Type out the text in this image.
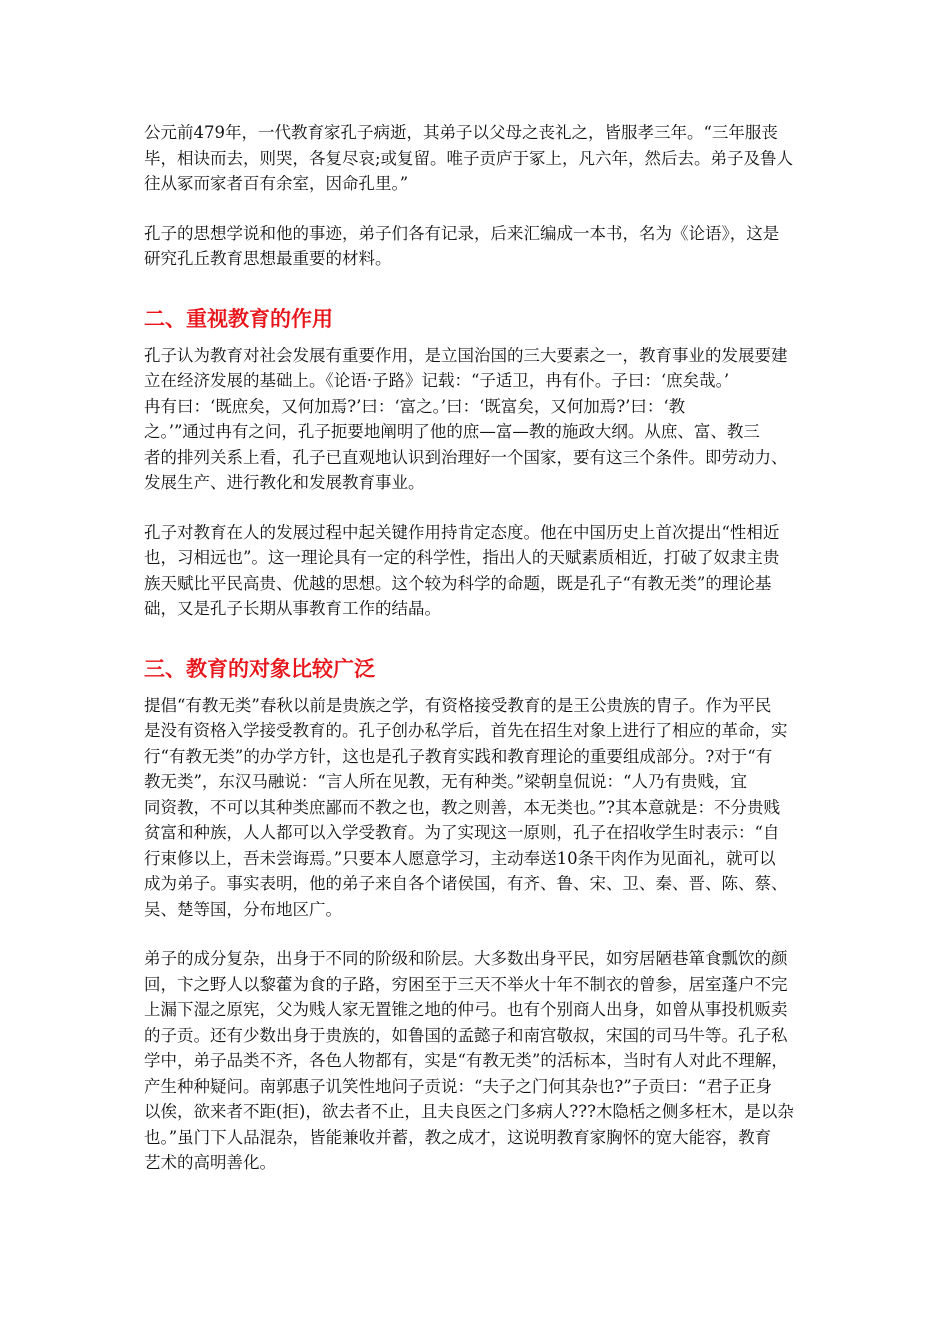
公元前479年，一代教育家孔子病逝，其弟子以父母之丧礼之，皆服孝三年。“三年服丧
毕，相诀而去，则哭，各复尽哀;或复留。唯子贡庐于冢上，凡六年，然后去。弟子及鲁人
往从冢而家者百有余室，因命孔里。”
孔子的思想学说和他的事迹，弟子们各有记录，后来汇编成一本书，名为《论语》，这是
研究孔丘教育思想最重要的材料。
二、重视教育的作用
孔子认为教育对社会发展有重要作用，是立国治国的三大要素之一，教育事业的发展要建
立在经济发展的基础上。《论语·子路》记载：“子适卫，冉有仆。子曰：‘庶矣哉。’
冉有曰：‘既庶矣，又何加焉?’曰：‘富之。’曰：‘既富矣，又何加焉?’曰：‘教
之。’”通过冉有之问，孔子扼要地阐明了他的庶—富—教的施政大纲。从庶、富、教三
者的排列关系上看，孔子已直观地认识到治理好一个国家，要有这三个条件。即劳动力、
发展生产、进行教化和发展教育事业。
孔子对教育在人的发展过程中起关键作用持肯定态度。他在中国历史上首次提出“性相近
也，习相远也”。这一理论具有一定的科学性，指出人的天赋素质相近，打破了奴隶主贵
族天赋比平民高贵、优越的思想。这个较为科学的命题，既是孔子“有教无类”的理论基
础，又是孔子长期从事教育工作的结晶。
三、教育的对象比较广泛
提倡“有教无类”春秋以前是贵族之学，有资格接受教育的是王公贵族的胄子。作为平民
是没有资格入学接受教育的。孔子创办私学后，首先在招生对象上进行了相应的革命，实
行“有教无类”的办学方针，这也是孔子教育实践和教育理论的重要组成部分。?对于“有
教无类”，东汉马融说：“言人所在见教，无有种类。”梁朝皇侃说：“人乃有贵贱，宜
同资教，不可以其种类庶鄙而不教之也，教之则善，本无类也。”?其本意就是：不分贵贱
贫富和种族，人人都可以入学受教育。为了实现这一原则，孔子在招收学生时表示：“自
行束修以上，吾未尝诲焉。”只要本人愿意学习，主动奉送10条干肉作为见面礼，就可以
成为弟子。事实表明，他的弟子来自各个诸侯国，有齐、鲁、宋、卫、秦、晋、陈、蔡、
吴、楚等国，分布地区广。
弟子的成分复杂，出身于不同的阶级和阶层。大多数出身平民，如穷居陋巷箪食瓢饮的颜
回，卞之野人以黎藿为食的子路，穷困至于三天不举火十年不制衣的曾参，居室蓬户不完
上漏下湿之原宪，父为贱人家无置锥之地的仲弓。也有个别商人出身，如曾从事投机贩卖
的子贡。还有少数出身于贵族的，如鲁国的孟懿子和南宫敬叔，宋国的司马牛等。孔子私
学中，弟子品类不齐，各色人物都有，实是“有教无类”的活标本，当时有人对此不理解，
产生种种疑问。南郭惠子讥笑性地问子贡说：“夫子之门何其杂也?”子贡曰：“君子正身
以俟，欲来者不距(拒)，欲去者不止，且夫良医之门多病人???木隐栝之侧多枉木，是以杂
也。”虽门下人品混杂，皆能兼收并蓄，教之成才，这说明教育家胸怀的宽大能容，教育
艺术的高明善化。
